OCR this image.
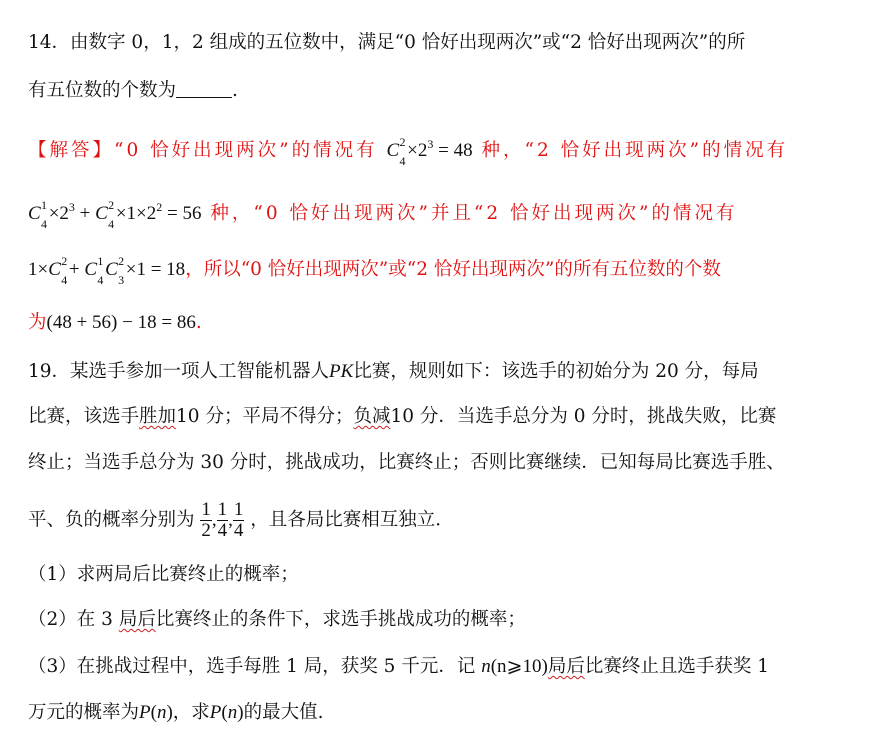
14．由数字 0，1，2 组成的五位数中，满足“0 恰好出现两次”或“2 恰好出现两次”的所
有五位数的个数为	.
【解答】“0 恰好出现两次”的情况有 C 2
$4 \times 2^3 = 48$ 种，“2 恰好出现两次”的情况有
C 1
$4 \times 2^3 + C$ 2
$4 \times 1\times 2^2 = 56$ 种，“0 恰好出现两次”并且“2 恰好出现两次”的情况有
1×C 2
4 + C 1
4 C 2
3 ×1 = 18，所以“0 恰好出现两次”或“2 恰好出现两次”的所有五位数的个数
为(48 + 56) − 18 = 86.
19．某选手参加一项人工智能机器人PK比赛，规则如下：该选手的初始分为 20 分，每局
比赛，该选手胜加10 分；平局不得分；负减10 分．当选手总分为 0 分时，挑战失败，比赛
终止；当选手总分为 30 分时，挑战成功，比赛终止；否则比赛继续．已知每局比赛选手胜、
平、负的概率分别为 $\frac{1}{2}$ , $\frac{1}{4}$ , $\frac{1}{4}$ ，且各局比赛相互独立．
（1）求两局后比赛终止的概率；
（2）在 3 局后比赛终止的条件下，求选手挑战成功的概率；
（3）在挑战过程中，选手每胜 1 局，获奖 5 千元．记 n(n⩾10)局后比赛终止且选手获奖 1
万元的概率为P(n)，求P(n)的最大值.
